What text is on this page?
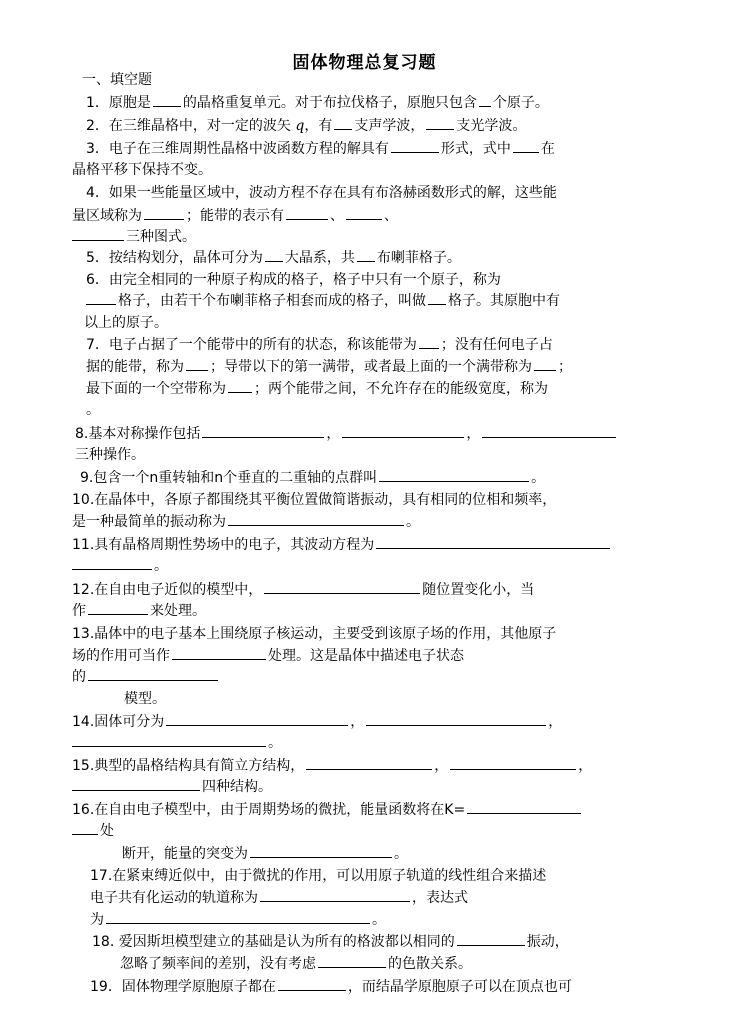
固体物理总复习题
一、填空题
1．原胞是 的晶格重复单元。对于布拉伐格子，原胞只包含 个原子。
2．在三维晶格中，对一定的波矢 q，有 支声学波， 支光学波。
3．电子在三维周期性晶格中波函数方程的解具有	形式，式中 在
晶格平移下保持不变。
4．如果一些能量区域中，波动方程不存在具有布洛赫函数形式的解，这些能
量区域称为	；能带的表示有	、	、
三种图式。
5．按结构划分，晶体可分为 大晶系，共 布喇菲格子。
6．由完全相同的一种原子构成的格子，格子中只有一个原子，称为
格子，由若干个布喇菲格子相套而成的格子，叫做 格子。其原胞中有
以上的原子。
7．电子占据了一个能带中的所有的状态，称该能带为 ；没有任何电子占
据的能带，称为 ；导带以下的第一满带，或者最上面的一个满带称为 ；
最下面的一个空带称为 ；两个能带之间，不允许存在的能级宽度，称为
。
8.基本对称操作包括	，	，
三种操作。
9.包含一个n重转轴和n个垂直的二重轴的点群叫	。
10.在晶体中，各原子都围绕其平衡位置做简谐振动，具有相同的位相和频率，
是一种最简单的振动称为	。
11.具有晶格周期性势场中的电子，其波动方程为
。
12.在自由电子近似的模型中，	随位置变化小，当
作	来处理。
13.晶体中的电子基本上围绕原子核运动，主要受到该原子场的作用，其他原子
场的作用可当作	处理。这是晶体中描述电子状态
的
模型。
14.固体可分为	，	，
。
15.典型的晶格结构具有简立方结构，	，	，
四种结构。
16.在自由电子模型中，由于周期势场的微扰，能量函数将在K=
处
断开，能量的突变为	。
17.在紧束缚近似中，由于微扰的作用，可以用原子轨道的线性组合来描述
电子共有化运动的轨道称为	，表达式
为	。
18. 爱因斯坦模型建立的基础是认为所有的格波都以相同的	振动，
忽略了频率间的差别，没有考虑	的色散关系。
19．固体物理学原胞原子都在	，而结晶学原胞原子可以在顶点也可
